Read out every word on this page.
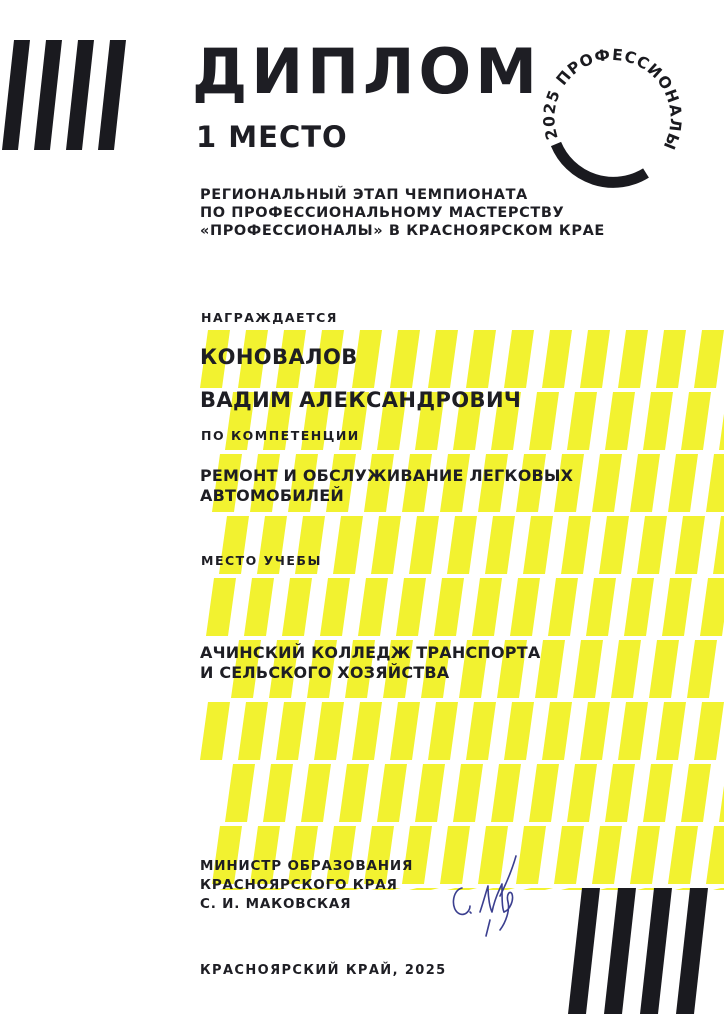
2025 ПРОФЕССИОНАЛЫ
ДИПЛОМ
1 МЕСТО
РЕГИОНАЛЬНЫЙ ЭТАП ЧЕМПИОНАТА
ПО ПРОФЕССИОНАЛЬНОМУ МАСТЕРСТВУ
«ПРОФЕССИОНАЛЫ» В КРАСНОЯРСКОМ КРАЕ
НАГРАЖДАЕТСЯ
КОНОВАЛОВ
ВАДИМ АЛЕКСАНДРОВИЧ
ПО КОМПЕТЕНЦИИ
РЕМОНТ И ОБСЛУЖИВАНИЕ ЛЕГКОВЫХ
АВТОМОБИЛЕЙ
МЕСТО УЧЕБЫ
АЧИНСКИЙ КОЛЛЕДЖ ТРАНСПОРТА
И СЕЛЬСКОГО ХОЗЯЙСТВА
МИНИСТР ОБРАЗОВАНИЯ
КРАСНОЯРСКОГО КРАЯ
С. И. МАКОВСКАЯ
КРАСНОЯРСКИЙ КРАЙ, 2025
